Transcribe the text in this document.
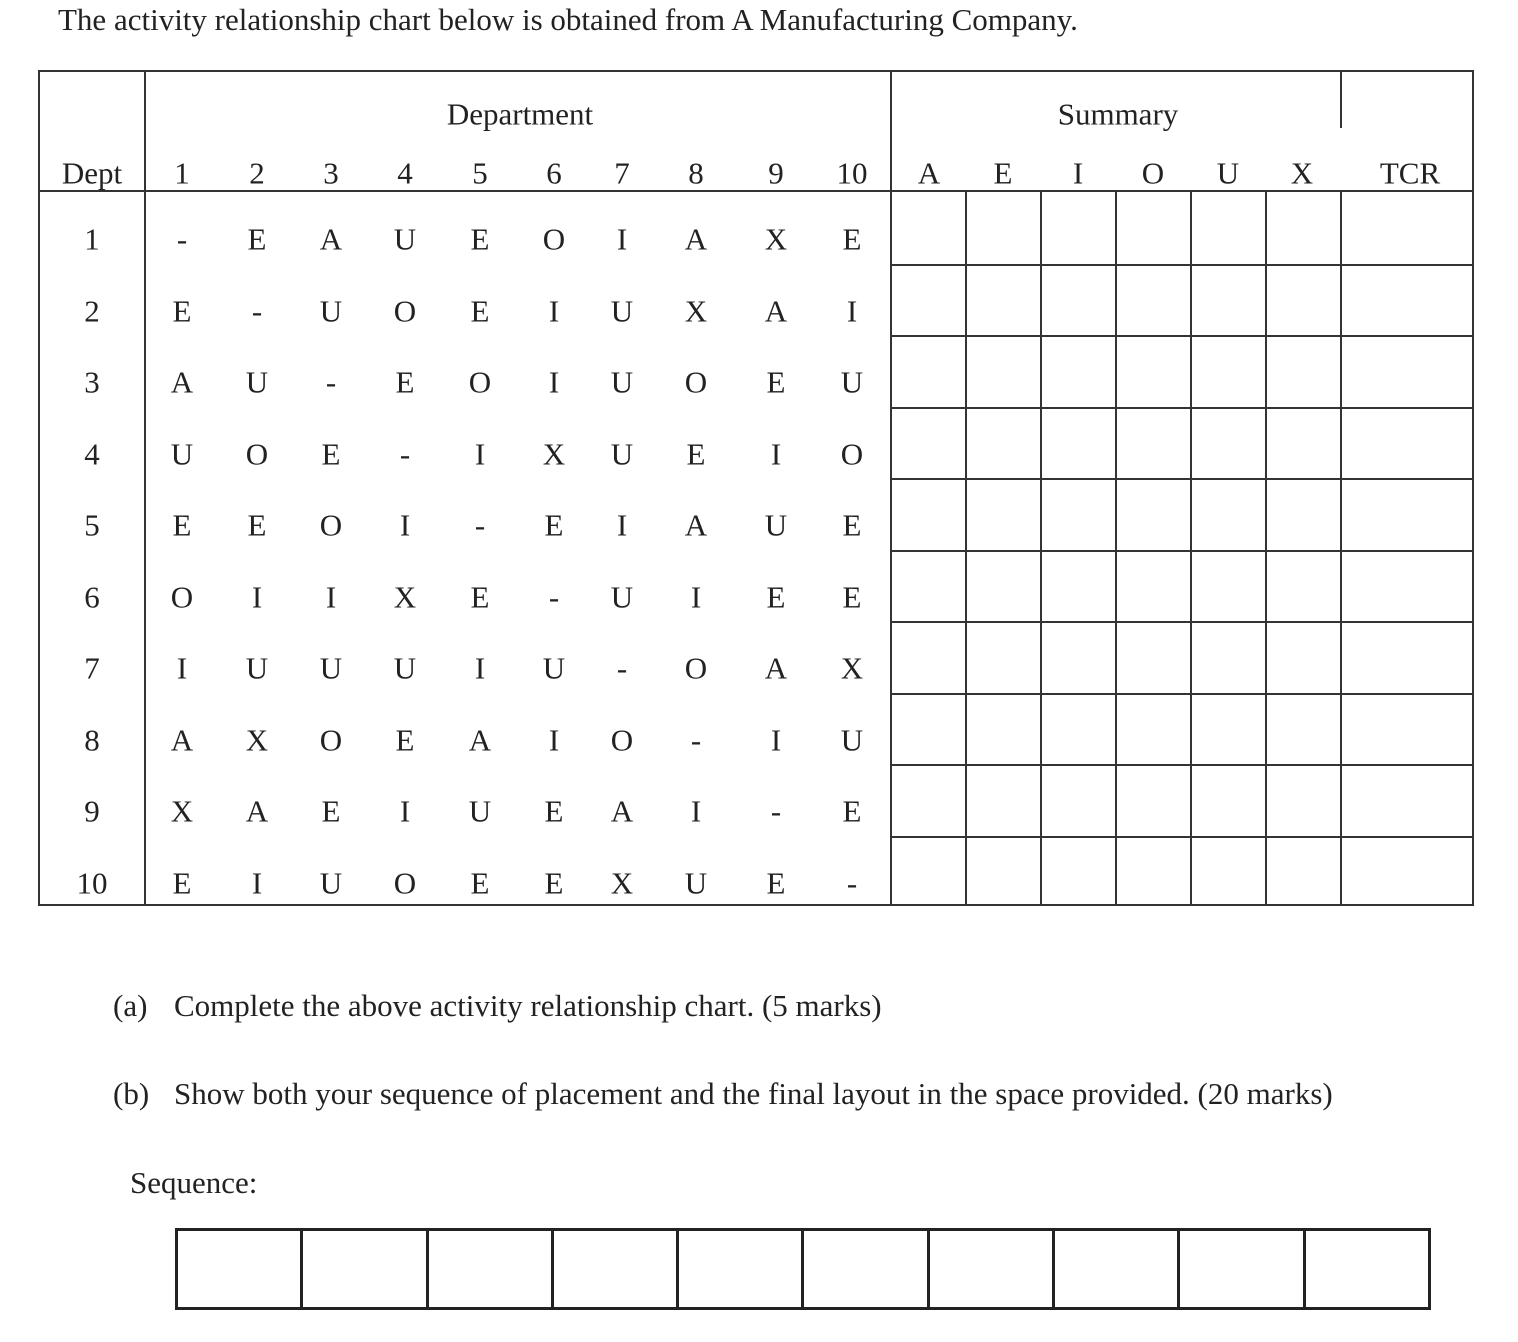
The activity relationship chart below is obtained from A Manufacturing Company.
Department	Summary
Dept	TCR
1 2 3 4 5 6 7 8 9 10 A E I O U X
1 - E A U E O I A X E
2 E - U O E I U X A I
3 A U - E O I U O E U
4 U O E - I X U E I O
5 E E O I - E I A U E
6 O I I X E - U I E E
7 I U U U I U - O A X
8 A X O E A I O - I U
9 X A E I U E A I - E
10 E I U O E E X U E -
(a) Complete the above activity relationship chart. (5 marks)
(b) Show both your sequence of placement and the final layout in the space provided. (20 marks)
Sequence:
